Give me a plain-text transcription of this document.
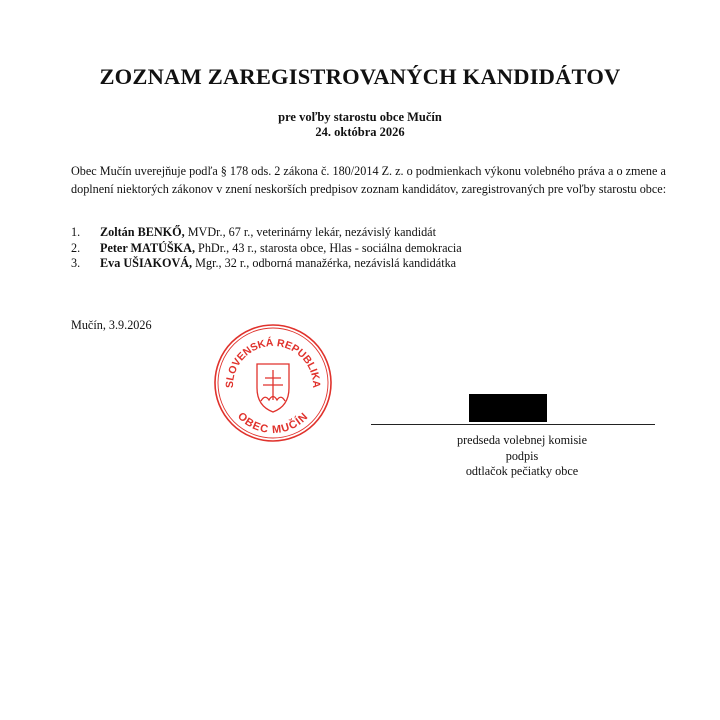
ZOZNAM ZAREGISTROVANÝCH KANDIDÁTOV
pre voľby starostu obce Mučín
24. októbra 2026
Obec Mučín uverejňuje podľa § 178 ods. 2 zákona č. 180/2014 Z. z. o podmienkach výkonu volebného práva a o zmene a doplnení niektorých zákonov v znení neskorších predpisov zoznam kandidátov, zaregistrovaných pre voľby starostu obce:
1.	Zoltán BENKŐ, MVDr., 67 r., veterinárny lekár, nezávislý kandidát
2.	Peter MATÚŠKA, PhDr., 43 r., starosta obce, Hlas - sociálna demokracia
3.	Eva UŠIAKOVÁ, Mgr., 32 r., odborná manažérka, nezávislá kandidátka
Mučín, 3.9.2026
SLOVENSKÁ REPUBLIKA
OBEC MUČÍN
predseda volebnej komisie
podpis
odtlačok pečiatky obce
